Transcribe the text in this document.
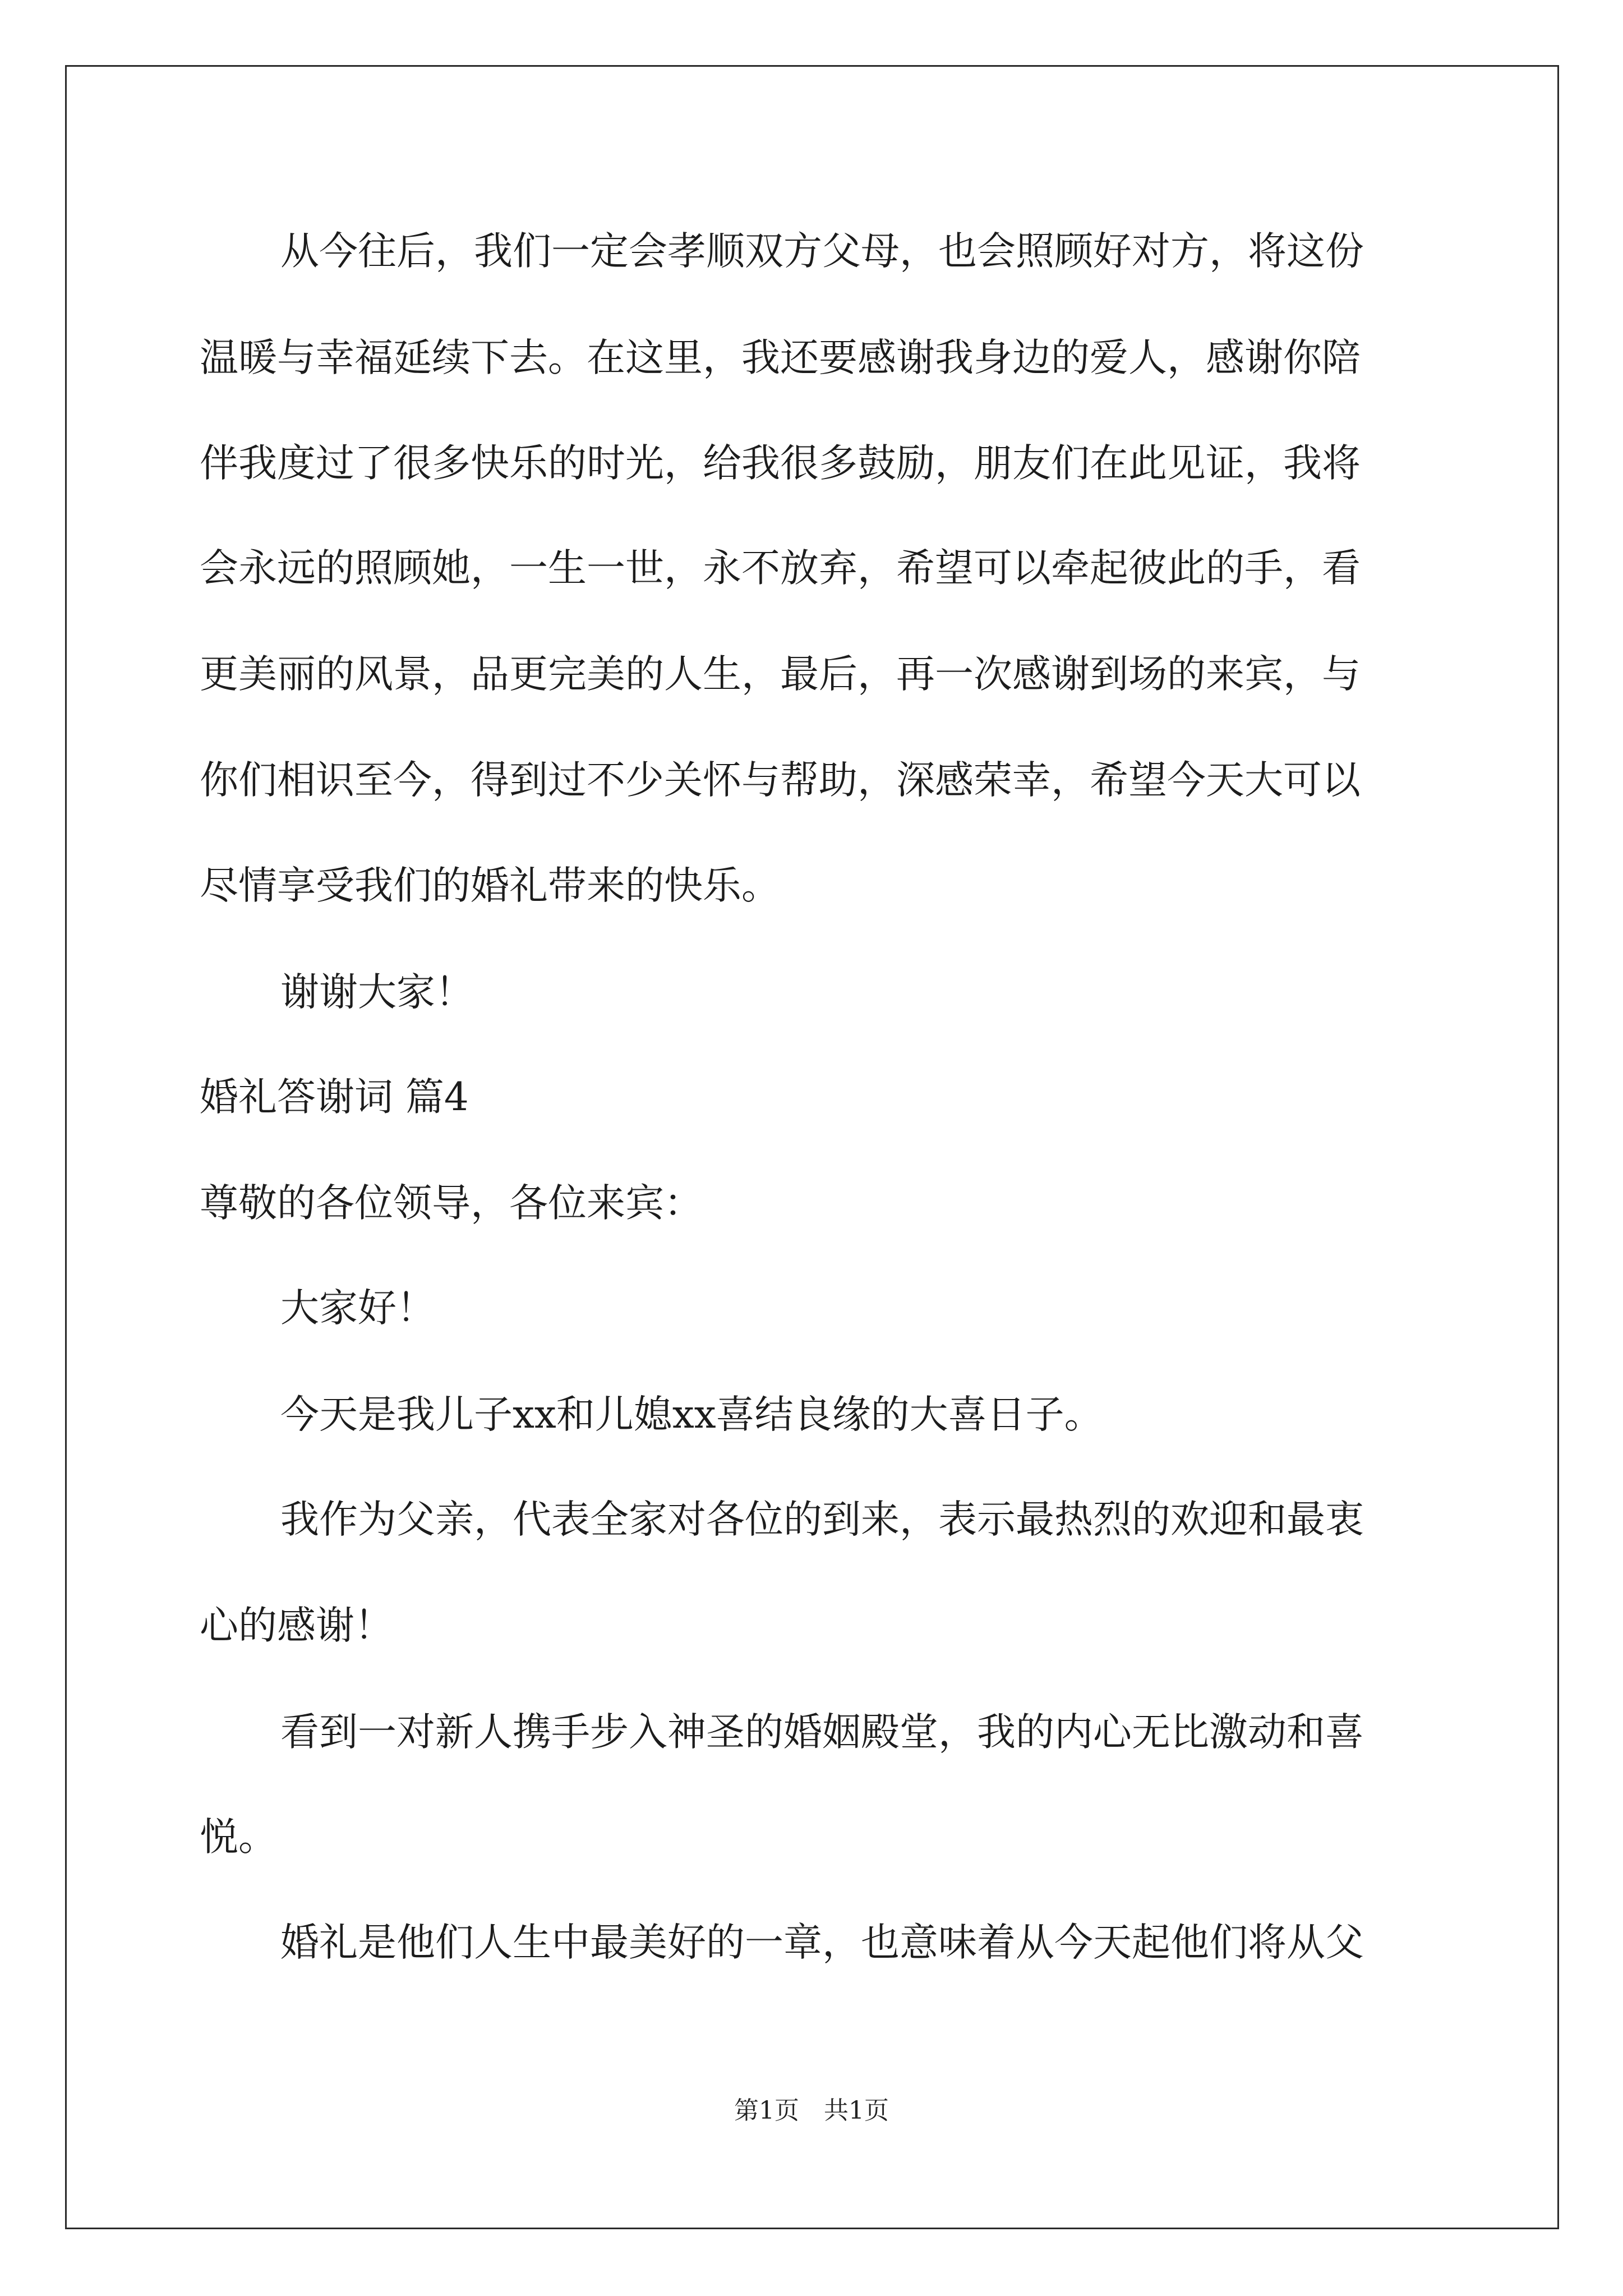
从今往后，我们一定会孝顺双方父母，也会照顾好对方，将这份
温暖与幸福延续下去。在这里，我还要感谢我身边的爱人，感谢你陪
伴我度过了很多快乐的时光，给我很多鼓励，朋友们在此见证，我将
会永远的照顾她，一生一世，永不放弃，希望可以牵起彼此的手，看
更美丽的风景，品更完美的人生，最后，再一次感谢到场的来宾，与
你们相识至今，得到过不少关怀与帮助，深感荣幸，希望今天大可以
尽情享受我们的婚礼带来的快乐。
谢谢大家！
婚礼答谢词 篇4
尊敬的各位领导，各位来宾：
大家好！
今天是我儿子xx和儿媳xx喜结良缘的大喜日子。
我作为父亲，代表全家对各位的到来，表示最热烈的欢迎和最衷
心的感谢！
看到一对新人携手步入神圣的婚姻殿堂，我的内心无比激动和喜
悦。
婚礼是他们人生中最美好的一章，也意味着从今天起他们将从父
第1页　共1页
